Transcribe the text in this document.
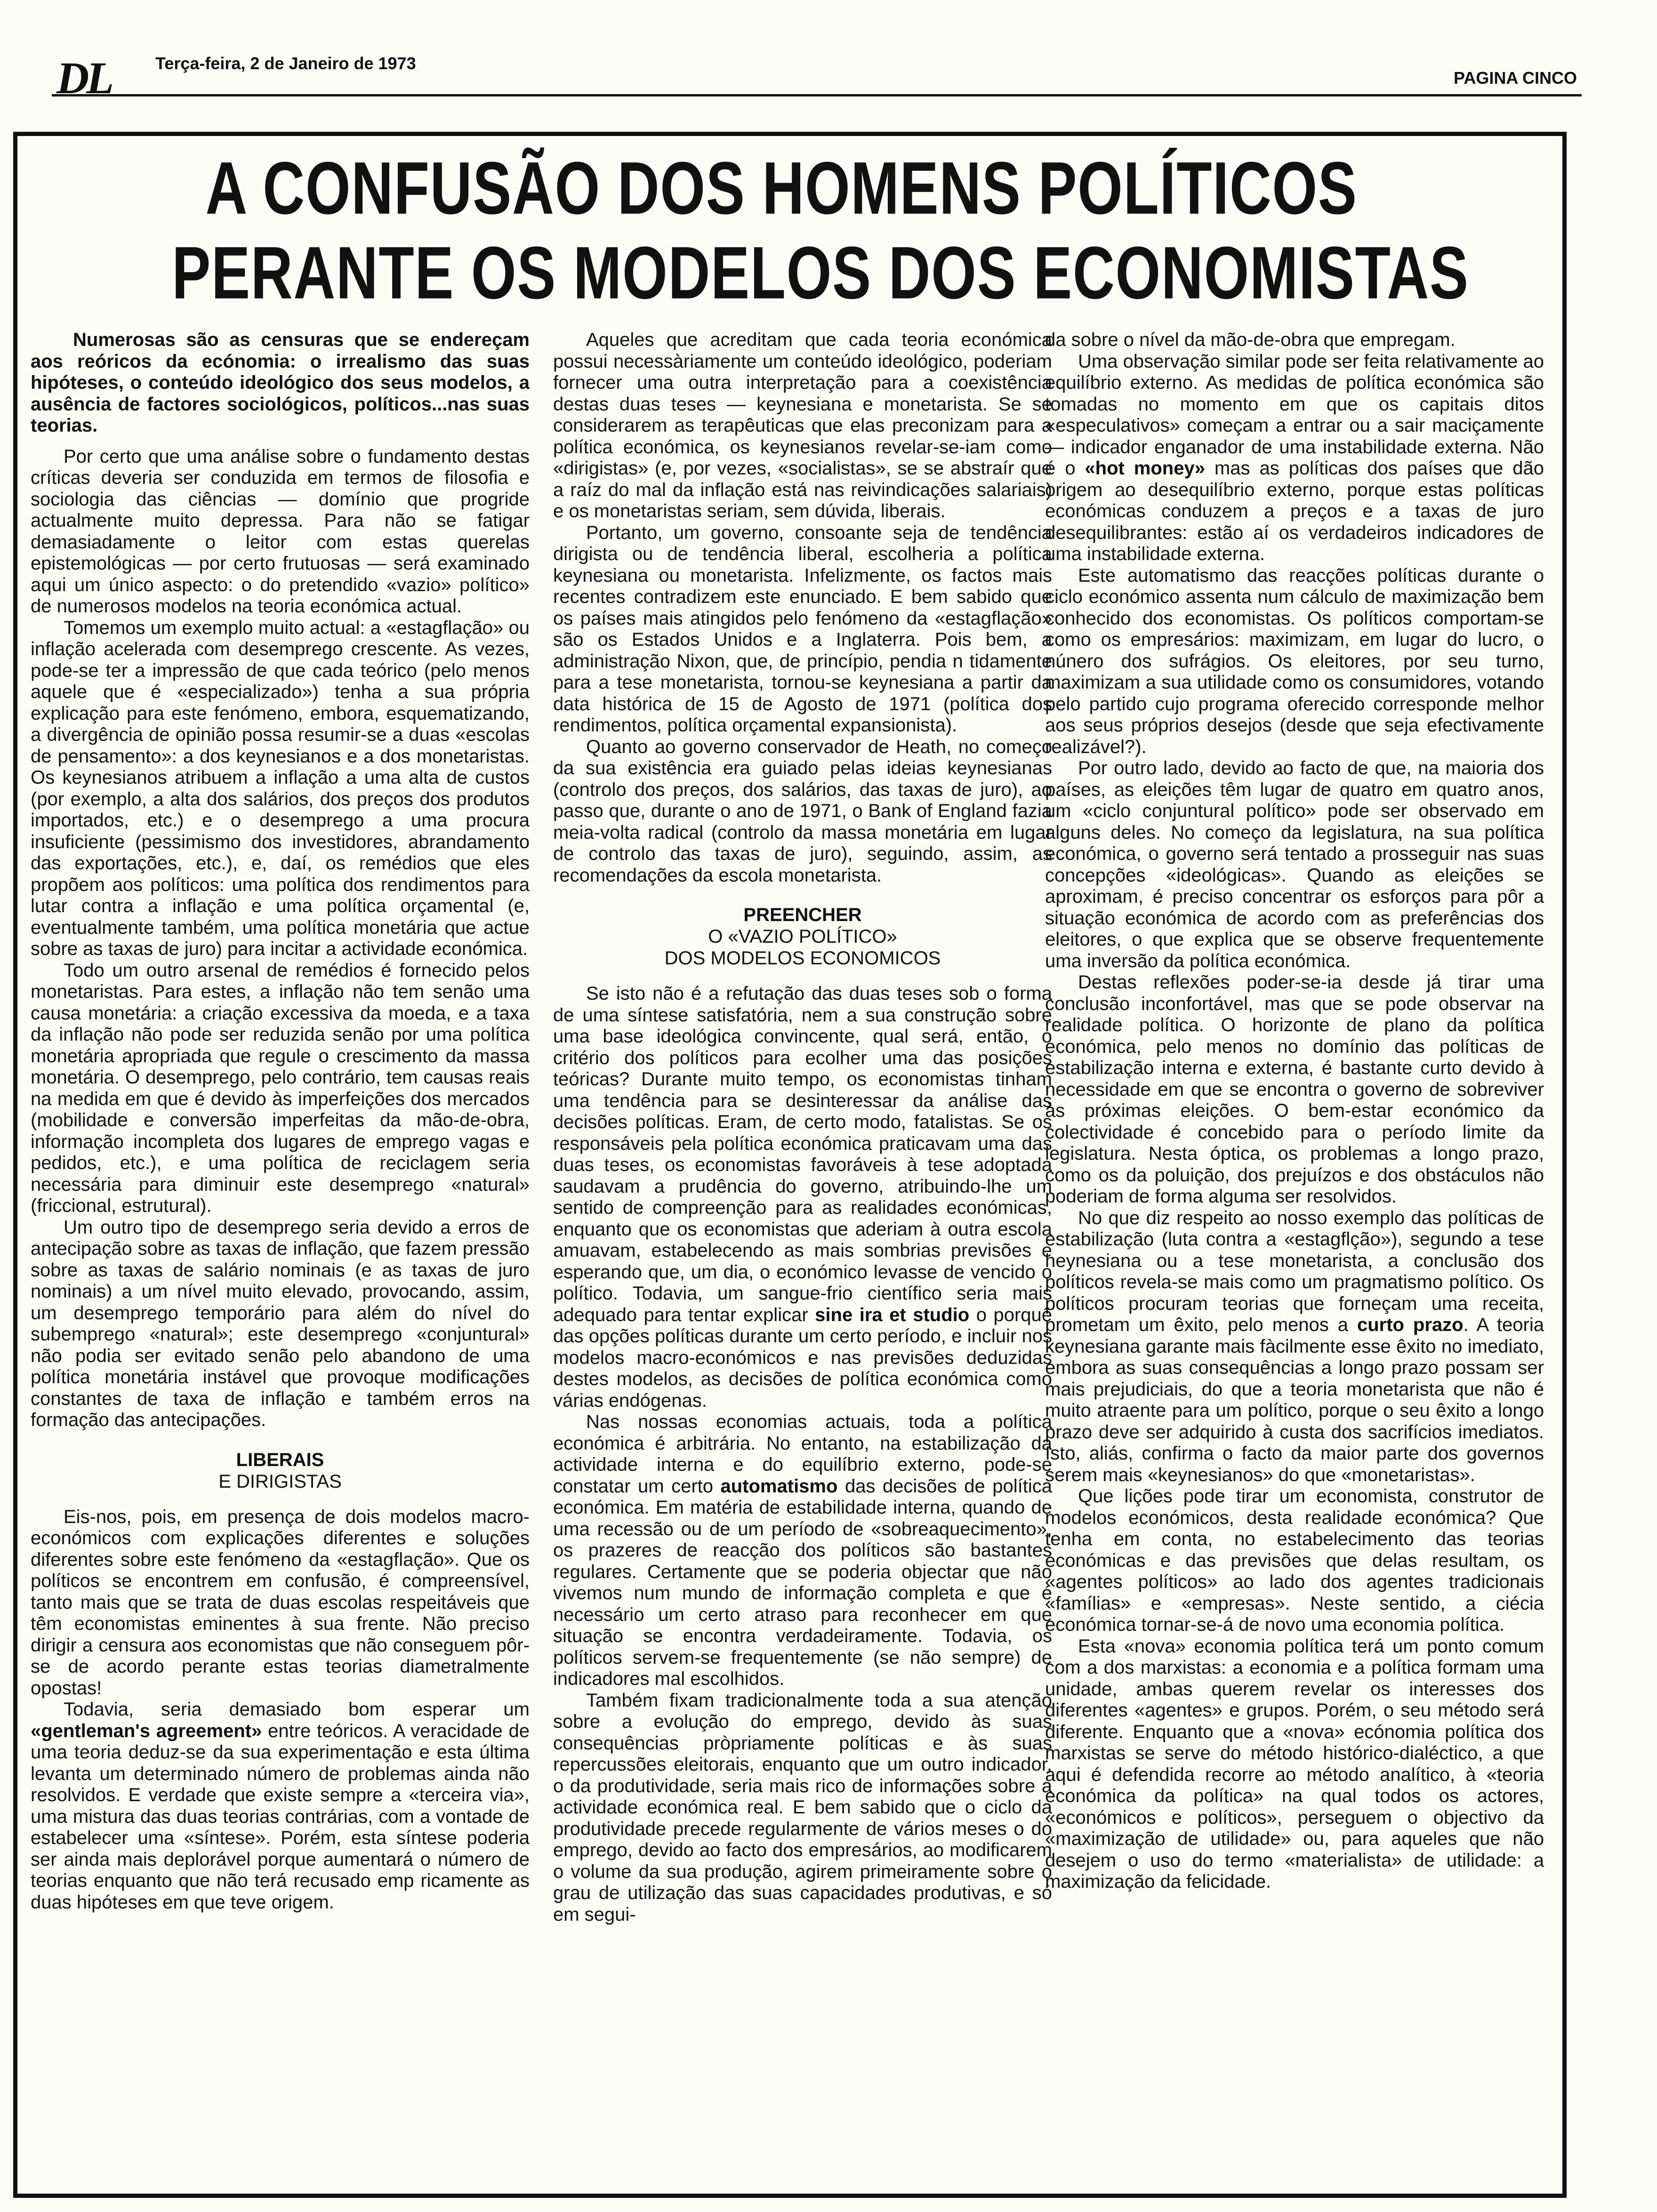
DL	Terça-feira, 2 de Janeiro de 1973
PAGINA CINCO
A CONFUSÃO DOS HOMENS POLÍTICOS
PERANTE OS MODELOS DOS ECONOMISTAS

Numerosas são as censuras que se endereçam aos reóricos da ecónomia: o irrealismo das suas hipóteses, o conteúdo ideológico dos seus modelos, a ausência de factores sociológicos, políticos...nas suas teorias.

Por certo que uma análise sobre o fundamento destas críticas deveria ser conduzida em termos de filosofia e sociologia das ciências — domínio que progride actualmente muito depressa. Para não se fatigar demasiadamente o leitor com estas querelas epistemológicas — por certo frutuosas — será examinado aqui um único aspecto: o do pretendido «vazio» político» de numerosos modelos na teoria económica actual.

Tomemos um exemplo muito actual: a «estagflação» ou inflação acelerada com desemprego crescente. As vezes, pode-se ter a impressão de que cada teórico (pelo menos aquele que é «especializado») tenha a sua própria explicação para este fenómeno, embora, esquematizando, a divergência de opinião possa resumir-se a duas «escolas de pensamento»: a dos keynesianos e a dos monetaristas. Os keynesianos atribuem a inflação a uma alta de custos (por exemplo, a alta dos salários, dos preços dos produtos importados, etc.) e o desemprego a uma procura insuficiente (pessimismo dos investidores, abrandamento das exportações, etc.), e, daí, os remédios que eles propõem aos políticos: uma política dos rendimentos para lutar contra a inflação e uma política orçamental (e, eventualmente também, uma política monetária que actue sobre as taxas de juro) para incitar a actividade económica.

Todo um outro arsenal de remédios é fornecido pelos monetaristas. Para estes, a inflação não tem senão uma causa monetária: a criação excessiva da moeda, e a taxa da inflação não pode ser reduzida senão por uma política monetária apropriada que regule o crescimento da massa monetária. O desemprego, pelo contrário, tem causas reais na medida em que é devido às imperfeições dos mercados (mobilidade e conversão imperfeitas da mão-de-obra, informação incompleta dos lugares de emprego vagas e pedidos, etc.), e uma política de reciclagem seria necessária para diminuir este desemprego «natural» (friccional, estrutural).

Um outro tipo de desemprego seria devido a erros de antecipação sobre as taxas de inflação, que fazem pressão sobre as taxas de salário nominais (e as taxas de juro nominais) a um nível muito elevado, provocando, assim, um desemprego temporário para além do nível do subemprego «natural»; este desemprego «conjuntural» não podia ser evitado senão pelo abandono de uma política monetária instável que provoque modificações constantes de taxa de inflação e também erros na formação das antecipações.

LIBERAIS
E DIRIGISTAS

Eis-nos, pois, em presença de dois modelos macro-económicos com explicações diferentes e soluções diferentes sobre este fenómeno da «estagflação». Que os políticos se encontrem em confusão, é compreensível, tanto mais que se trata de duas escolas respeitáveis que têm economistas eminentes à sua frente. Não preciso dirigir a censura aos economistas que não conseguem pôr-se de acordo perante estas teorias diametralmente opostas!

Todavia, seria demasiado bom esperar um «gentleman's agreement» entre teóricos. A veracidade de uma teoria deduz-se da sua experimentação e esta última levanta um determinado número de problemas ainda não resolvidos. E verdade que existe sempre a «terceira via», uma mistura das duas teorias contrárias, com a vontade de estabelecer uma «síntese». Porém, esta síntese poderia ser ainda mais deplorável porque aumentará o número de teorias enquanto que não terá recusado emp ricamente as duas hipóteses em que teve origem.

Aqueles que acreditam que cada teoria económica possui necessàriamente um conteúdo ideológico, poderiam fornecer uma outra interpretação para a coexistência destas duas teses — keynesiana e monetarista. Se se considerarem as terapêuticas que elas preconizam para a política económica, os keynesianos revelar-se-iam como «dirigistas» (e, por vezes, «socialistas», se se abstraír que a raíz do mal da inflação está nas reivindicações salariais) e os monetaristas seriam, sem dúvida, liberais.

Portanto, um governo, consoante seja de tendência dirigista ou de tendência liberal, escolheria a política keynesiana ou monetarista. Infelizmente, os factos mais recentes contradizem este enunciado. E bem sabido que os países mais atingidos pelo fenómeno da «estagflação» são os Estados Unidos e a Inglaterra. Pois bem, a administração Nixon, que, de princípio, pendia n tidamente para a tese monetarista, tornou-se keynesiana a partir da data histórica de 15 de Agosto de 1971 (política dos rendimentos, política orçamental expansionista).

Quanto ao governo conservador de Heath, no começo da sua existência era guiado pelas ideias keynesianas (controlo dos preços, dos salários, das taxas de juro), ao passo que, durante o ano de 1971, o Bank of England fazia meia-volta radical (controlo da massa monetária em lugar de controlo das taxas de juro), seguindo, assim, as recomendações da escola monetarista.

PREENCHER
O «VAZIO POLÍTICO»
DOS MODELOS ECONOMICOS

Se isto não é a refutação das duas teses sob o forma de uma síntese satisfatória, nem a sua construção sobre uma base ideológica convincente, qual será, então, o critério dos políticos para ecolher uma das posições teóricas? Durante muito tempo, os economistas tinham uma tendência para se desinteressar da análise das decisões políticas. Eram, de certo modo, fatalistas. Se os responsáveis pela política económica praticavam uma das duas teses, os economistas favoráveis à tese adoptada saudavam a prudência do governo, atribuindo-lhe um sentido de compreenção para as realidades económicas, enquanto que os economistas que aderiam à outra escola amuavam, estabelecendo as mais sombrias previsões e esperando que, um dia, o económico levasse de vencido o político. Todavia, um sangue-frio científico seria mais adequado para tentar explicar sine ira et studio o porquê das opções políticas durante um certo período, e incluir nos modelos macro-económicos e nas previsões deduzidas destes modelos, as decisões de política económica como várias endógenas.

Nas nossas economias actuais, toda a política económica é arbitrária. No entanto, na estabilização da actividade interna e do equilíbrio externo, pode-se constatar um certo automatismo das decisões de política económica. Em matéria de estabilidade interna, quando de uma recessão ou de um período de «sobreaquecimento», os prazeres de reacção dos políticos são bastantes regulares. Certamente que se poderia objectar que não vivemos num mundo de informação completa e que é necessário um certo atraso para reconhecer em que situação se encontra verdadeiramente. Todavia, os políticos servem-se frequentemente (se não sempre) de indicadores mal escolhidos.

Também fixam tradicionalmente toda a sua atenção sobre a evolução do emprego, devido às suas consequências pròpriamente políticas e às suas repercussões eleitorais, enquanto que um outro indicador, o da produtividade, seria mais rico de informações sobre a actividade económica real. E bem sabido que o ciclo da produtividade precede regularmente de vários meses o do emprego, devido ao facto dos empresários, ao modificarem o volume da sua produção, agirem primeiramente sobre o grau de utilização das suas capacidades produtivas, e só em segui-

da sobre o nível da mão-de-obra que empregam.

Uma observação similar pode ser feita relativamente ao equilíbrio externo. As medidas de política económica são tomadas no momento em que os capitais ditos «especulativos» começam a entrar ou a sair maciçamente — indicador enganador de uma instabilidade externa. Não é o «hot money» mas as políticas dos países que dão origem ao desequilíbrio externo, porque estas políticas económicas conduzem a preços e a taxas de juro desequilibrantes: estão aí os verdadeiros indicadores de uma instabilidade externa.

Este automatismo das reacções políticas durante o ciclo económico assenta num cálculo de maximização bem conhecido dos economistas. Os políticos comportam-se como os empresários: maximizam, em lugar do lucro, o núnero dos sufrágios. Os eleitores, por seu turno, maximizam a sua utilidade como os consumidores, votando pelo partido cujo programa oferecido corresponde melhor aos seus próprios desejos (desde que seja efectivamente realizável?).

Por outro lado, devido ao facto de que, na maioria dos países, as eleições têm lugar de quatro em quatro anos, um «ciclo conjuntural político» pode ser observado em alguns deles. No começo da legislatura, na sua política económica, o governo será tentado a prosseguir nas suas concepções «ideológicas». Quando as eleições se aproximam, é preciso concentrar os esforços para pôr a situação económica de acordo com as preferências dos eleitores, o que explica que se observe frequentemente uma inversão da política económica.

Destas reflexões poder-se-ia desde já tirar uma conclusão inconfortável, mas que se pode observar na realidade política. O horizonte de plano da política económica, pelo menos no domínio das políticas de estabilização interna e externa, é bastante curto devido à necessidade em que se encontra o governo de sobreviver às próximas eleições. O bem-estar económico da colectividade é concebido para o período limite da legislatura. Nesta óptica, os problemas a longo prazo, como os da poluição, dos prejuízos e dos obstáculos não poderiam de forma alguma ser resolvidos.

No que diz respeito ao nosso exemplo das políticas de estabilização (luta contra a «estagflção»), segundo a tese heynesiana ou a tese monetarista, a conclusão dos políticos revela-se mais como um pragmatismo político. Os políticos procuram teorias que forneçam uma receita, prometam um êxito, pelo menos a curto prazo. A teoria keynesiana garante mais fàcilmente esse êxito no imediato, embora as suas consequências a longo prazo possam ser mais prejudiciais, do que a teoria monetarista que não é muito atraente para um político, porque o seu êxito a longo prazo deve ser adquirido à custa dos sacrifícios imediatos. Isto, aliás, confirma o facto da maior parte dos governos serem mais «keynesianos» do que «monetaristas».

Que lições pode tirar um economista, construtor de modelos económicos, desta realidade económica? Que tenha em conta, no estabelecimento das teorias económicas e das previsões que delas resultam, os «agentes políticos» ao lado dos agentes tradicionais «famílias» e «empresas». Neste sentido, a ciécia económica tornar-se-á de novo uma economia política.

Esta «nova» economia política terá um ponto comum com a dos marxistas: a economia e a política formam uma unidade, ambas querem revelar os interesses dos diferentes «agentes» e grupos. Porém, o seu método será diferente. Enquanto que a «nova» ecónomia política dos marxistas se serve do método histórico-dialéctico, a que aqui é defendida recorre ao método analítico, à «teoria económica da política» na qual todos os actores, «económicos e políticos», perseguem o objectivo da «maximização de utilidade» ou, para aqueles que não desejem o uso do termo «materialista» de utilidade: a maximização da felicidade.
